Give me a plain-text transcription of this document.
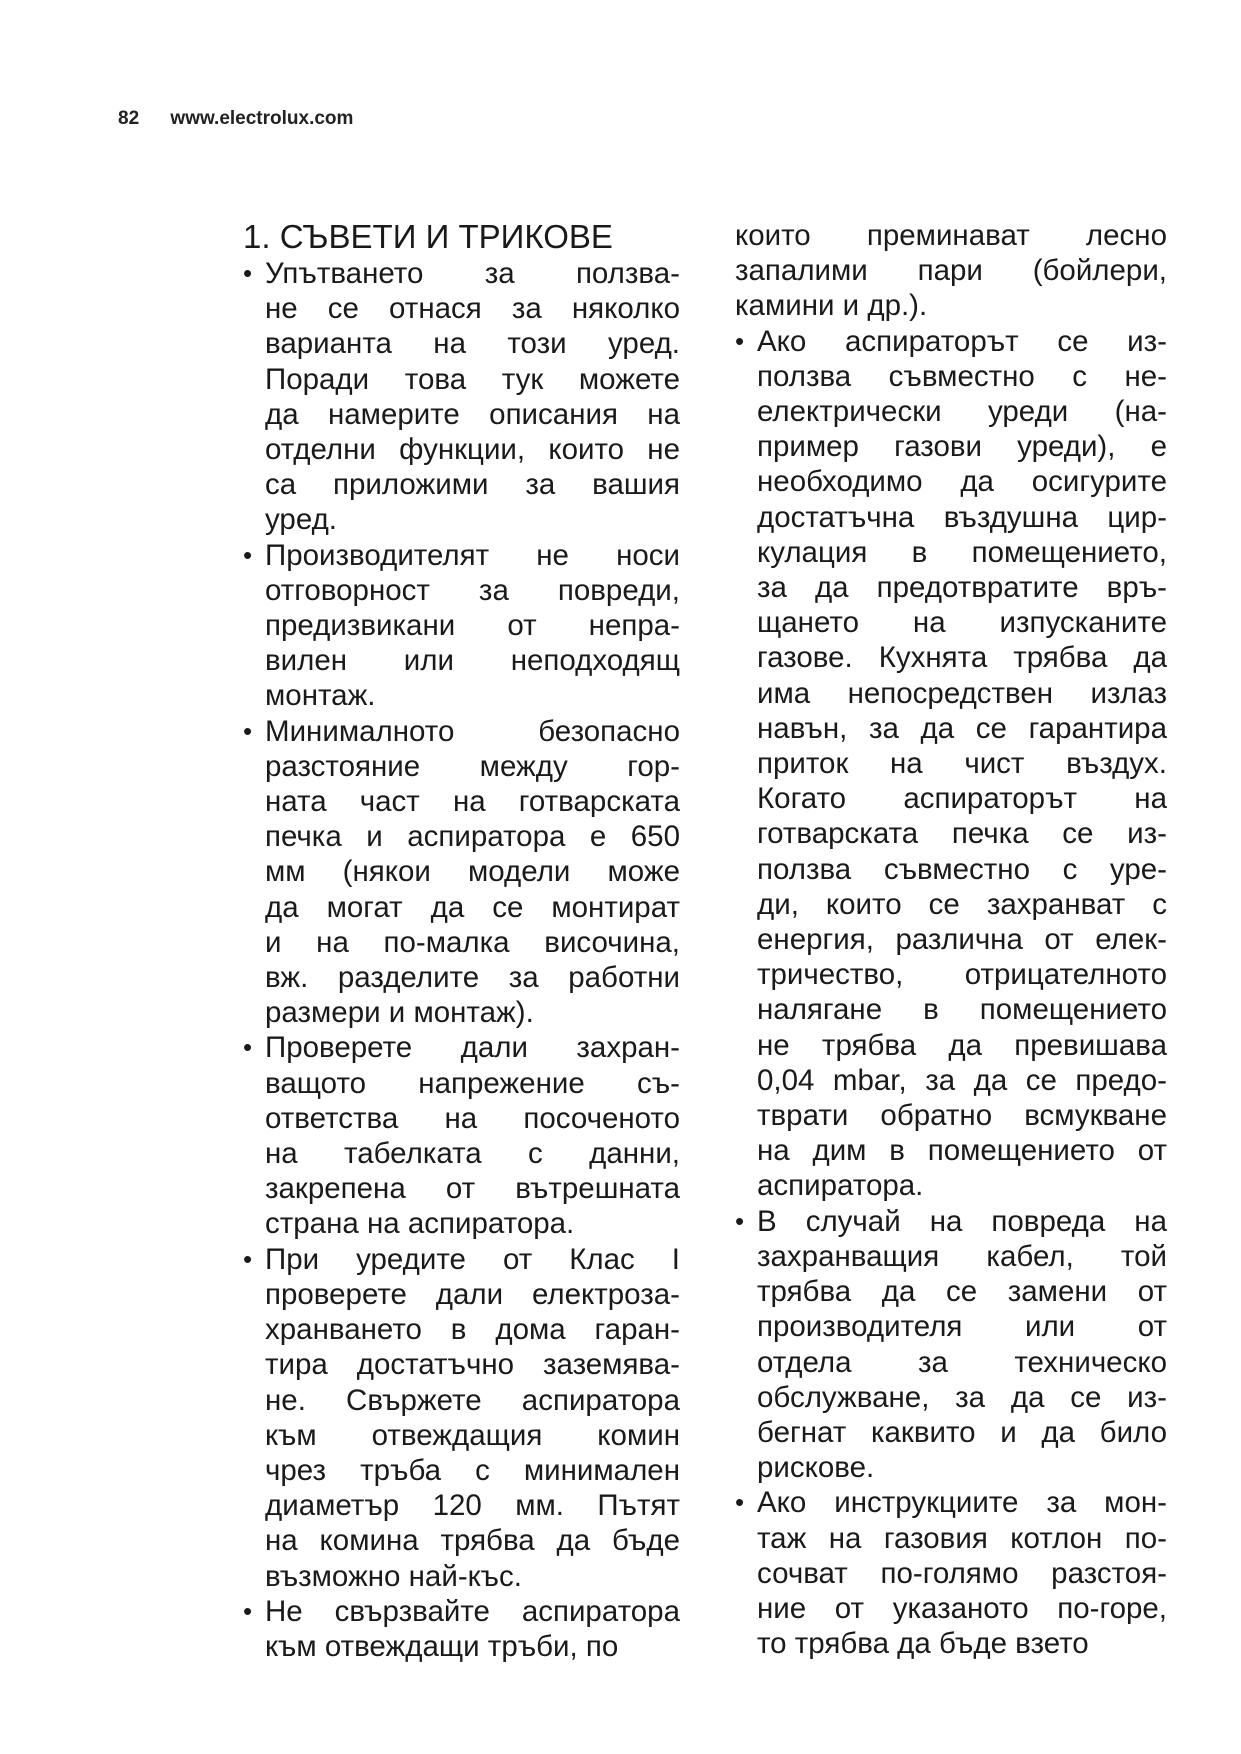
82 www.electrolux.com
1. СЪВЕТИ И ТРИКОВЕ
• Упътването за ползва-
не се отнася за няколко
варианта на този уред.
Поради това тук можете
да намерите описания на
отделни функции, които не
са приложими за вашия
уред.
• Производителят не носи
отговорност за повреди,
предизвикани от непра-
вилен или неподходящ
монтаж.
• Минималното безопасно
разстояние между гор-
ната част на готварската
печка и аспиратора е 650
мм (някои модели може
да могат да се монтират
и на по-малка височина,
вж. разделите за работни
размери и монтаж).
• Проверете дали захран-
ващото напрежение съ-
ответства на посоченото
на табелката с данни,
закрепена от вътрешната
страна на аспиратора.
• При уредите от Клас I
проверете дали електроза-
хранването в дома гаран-
тира достатъчно заземява-
не. Свържете аспиратора
към отвеждащия комин
чрез тръба с минимален
диаметър 120 мм. Пътят
на комина трябва да бъде
възможно най-къс.
• Не свързвайте аспиратора
към отвеждащи тръби, по
които преминават лесно
запалими пари (бойлери,
камини и др.).
• Ако аспираторът се из-
ползва съвместно с не-
електрически уреди (на-
пример газови уреди), е
необходимо да осигурите
достатъчна въздушна цир-
кулация в помещението,
за да предотвратите връ-
щането на изпусканите
газове. Кухнята трябва да
има непосредствен излаз
навън, за да се гарантира
приток на чист въздух.
Когато аспираторът на
готварската печка се из-
ползва съвместно с уре-
ди, които се захранват с
енергия, различна от елек-
тричество, отрицателното
налягане в помещението
не трябва да превишава
0,04 mbar, за да се предо-
тврати обратно всмукване
на дим в помещението от
аспиратора.
• В случай на повреда на
захранващия кабел, той
трябва да се замени от
производителя или от
отдела за техническо
обслужване, за да се из-
бегнат каквито и да било
рискове.
• Ако инструкциите за мон-
таж на газовия котлон по-
сочват по-голямо разстоя-
ние от указаното по-горе,
то трябва да бъде взето
